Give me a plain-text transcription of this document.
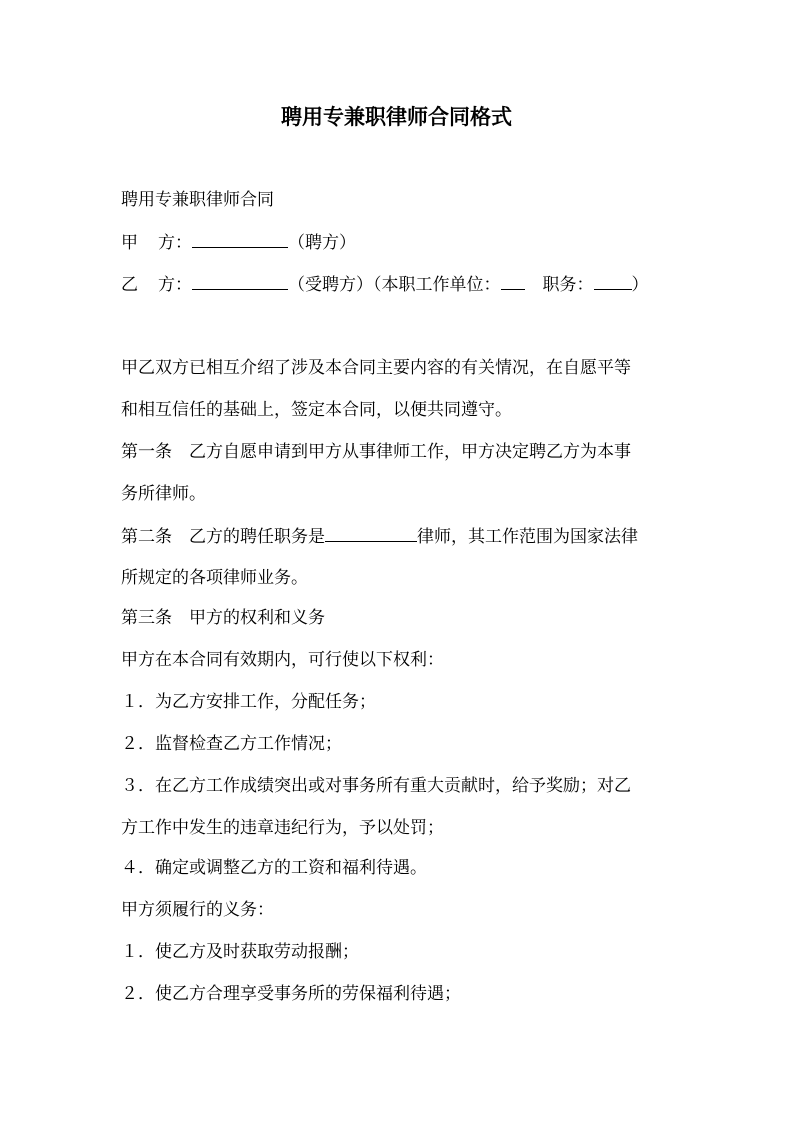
聘用专兼职律师合同格式
聘用专兼职律师合同
甲 方：	（聘方）
乙 方：	（受聘方）（本职工作单位： 职务： ）
甲乙双方已相互介绍了涉及本合同主要内容的有关情况，在自愿平等
和相互信任的基础上，签定本合同，以便共同遵守。
第一条　乙方自愿申请到甲方从事律师工作，甲方决定聘乙方为本事
务所律师。
第二条　乙方的聘任职务是	律师，其工作范围为国家法律
所规定的各项律师业务。
第三条　甲方的权利和义务
甲方在本合同有效期内，可行使以下权利：
１．为乙方安排工作，分配任务；
２．监督检查乙方工作情况；
３．在乙方工作成绩突出或对事务所有重大贡献时，给予奖励；对乙
方工作中发生的违章违纪行为，予以处罚；
４．确定或调整乙方的工资和福利待遇。
甲方须履行的义务：
１．使乙方及时获取劳动报酬；
２．使乙方合理享受事务所的劳保福利待遇；
